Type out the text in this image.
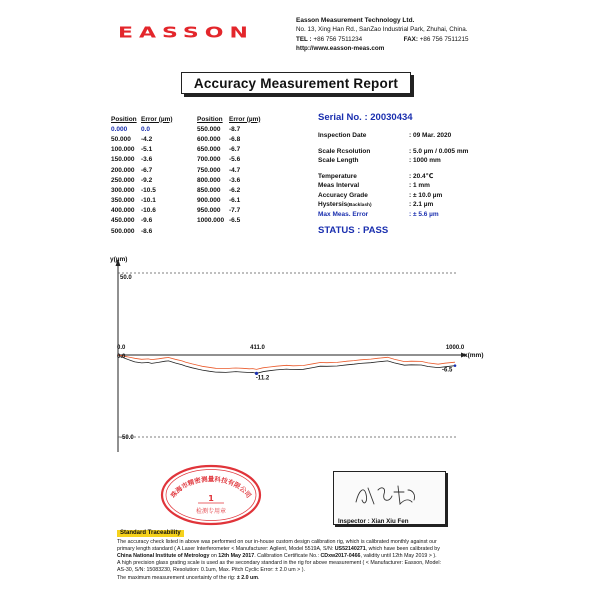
EASSON
Easson Measurement Technology Ltd.
No. 13, Xing Han Rd., SanZao Industrial Park, Zhuhai, China.
TEL : +86 756 7511234	FAX: +86 756 7511215
http://www.easson-meas.com
Accuracy Measurement Report
Position	Error (µm)
0.000	0.0
50.000	-4.2
100.000	-5.1
150.000	-3.6
200.000	-6.7
250.000	-9.2
300.000	-10.5
350.000	-10.1
400.000	-10.6
450.000	-9.6
500.000	-8.6
Position	Error (µm)
550.000	-8.7
600.000	-6.8
650.000	-6.7
700.000	-5.6
750.000	-4.7
800.000	-3.6
850.000	-6.2
900.000	-6.1
950.000	-7.7
1000.000	-6.5
Serial No. : 20030434
Inspection Date	: 09 Mar. 2020
Scale Rcsolution	: 5.0 µm / 0.005 mm
Scale Length	: 1000 mm
Temperature	: 20.4℃
Meas Interval	: 1 mm
Accuracy Grade	: ± 10.0 µm
Hystersis(Backlash)	: 2.1 µm
Max Meas. Error	: ± 5.6 µm
STATUS : PASS
y(µm)
x(mm)
50.0
-50.0
0.0
0.0
411.0
-11.2
1000.0
-6.5
珠海市精密测量科技有限公司
1
检测专用章
Inspector : Xian Xiu Fen
Standard Traceability
The accuracy check listed in above was performed on our in-house custom design calibration rig, which is calibrated monthly against our
primary length standard ( A Laser Interferometer < Manufacturer: Agilent, Model 5519A, S/N: US52140271, which have been calibrated by
China National Institute of Metrology on 12th May 2017. Calibration Certificate No.: CDxw2017-0466, validity until 12th May 2019 > ).
A high precision glass grating scale is used as the secondary standard in the rig for above measurement ( < Manufacturer: Easson, Model:
AS-30, S/N: 15083230, Resolution: 0.1um, Max. Pitch Cyclic Error: ± 2.0 um > ).
The maximum measurement uncertainty of the rig: ± 2.0 um.
